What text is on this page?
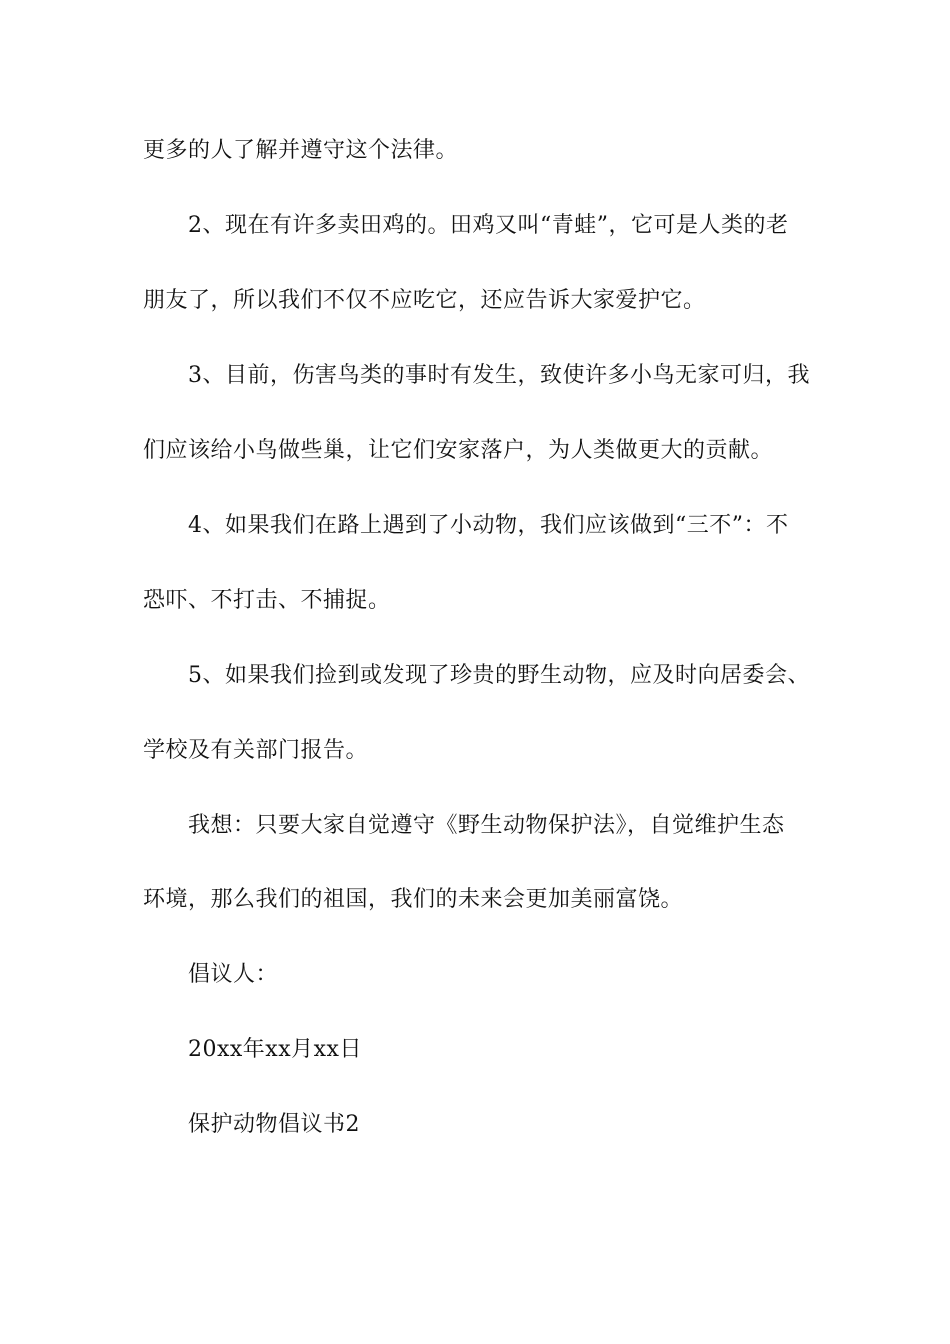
更多的人了解并遵守这个法律。
2、现在有许多卖田鸡的。田鸡又叫“青蛙”，它可是人类的老
朋友了，所以我们不仅不应吃它，还应告诉大家爱护它。
3、目前，伤害鸟类的事时有发生，致使许多小鸟无家可归，我
们应该给小鸟做些巢，让它们安家落户，为人类做更大的贡献。
4、如果我们在路上遇到了小动物，我们应该做到“三不”：不
恐吓、不打击、不捕捉。
5、如果我们捡到或发现了珍贵的野生动物，应及时向居委会、
学校及有关部门报告。
我想：只要大家自觉遵守《野生动物保护法》，自觉维护生态
环境，那么我们的祖国，我们的未来会更加美丽富饶。
倡议人：
20xx年xx月xx日
保护动物倡议书2
